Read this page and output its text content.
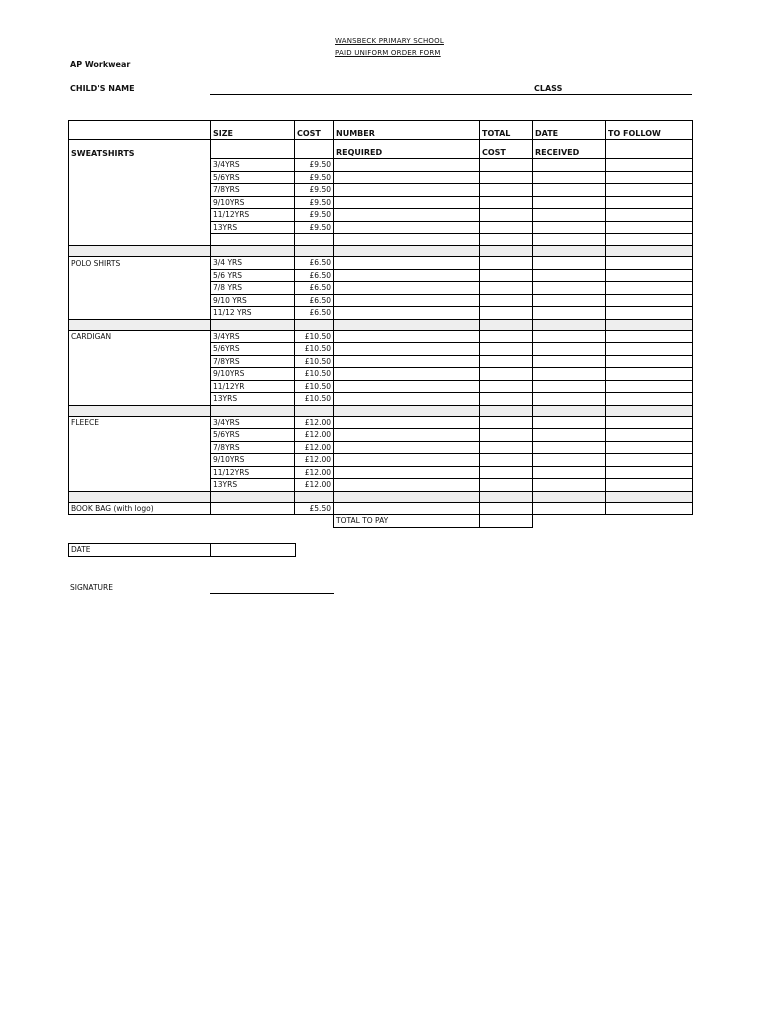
WANSBECK PRIMARY SCHOOL
PAID UNIFORM ORDER FORM
AP Workwear
CHILD'S NAME	CLASS
	SIZE	COST	NUMBER	TOTAL	DATE	TO FOLLOW
SWEATSHIRTS			REQUIRED	COST	RECEIVED	
	3/4YRS	£9.50				
	5/6YRS	£9.50				
	7/8YRS	£9.50				
	9/10YRS	£9.50				
	11/12YRS	£9.50				
	13YRS	£9.50				

POLO SHIRTS	3/4 YRS	£6.50				
	5/6 YRS	£6.50				
	7/8 YRS	£6.50				
	9/10 YRS	£6.50				
	11/12 YRS	£6.50				

CARDIGAN	3/4YRS	£10.50				
	5/6YRS	£10.50				
	7/8YRS	£10.50				
	9/10YRS	£10.50				
	11/12YR	£10.50				
	13YRS	£10.50				

FLEECE	3/4YRS	£12.00				
	5/6YRS	£12.00				
	7/8YRS	£12.00				
	9/10YRS	£12.00				
	11/12YRS	£12.00				
	13YRS	£12.00				

BOOK BAG (with logo)		£5.50				
			TOTAL TO PAY			
DATE
SIGNATURE
